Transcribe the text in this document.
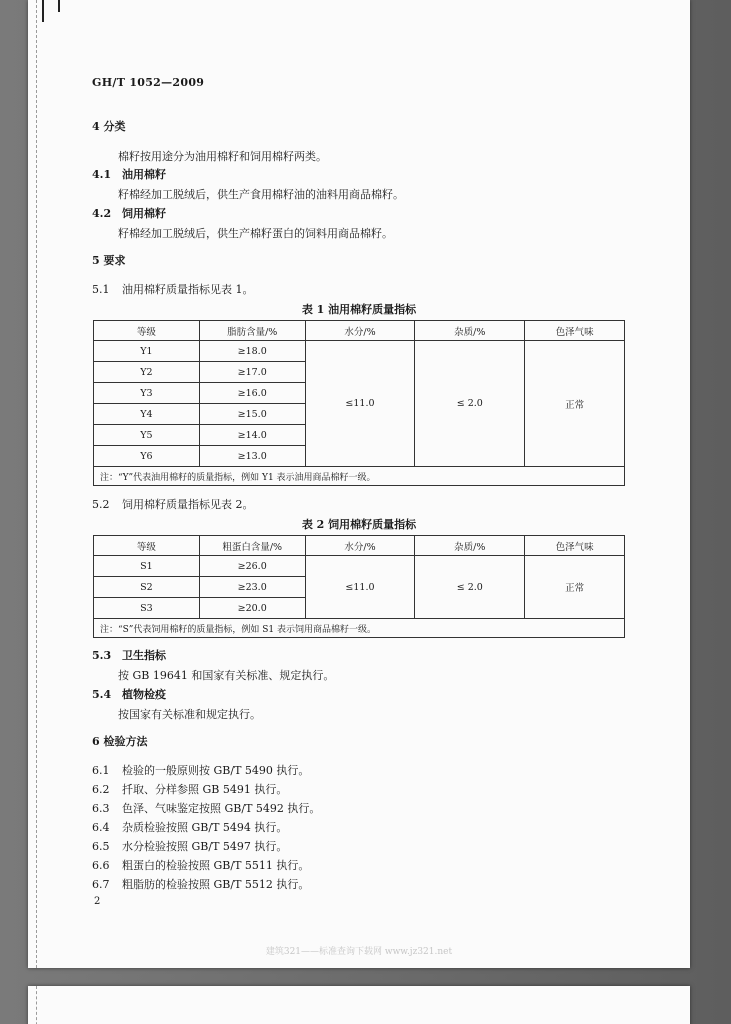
GH/T 1052—2009
4 分类
棉籽按用途分为油用棉籽和饲用棉籽两类。
4.1 油用棉籽
籽棉经加工脱绒后，供生产食用棉籽油的油料用商品棉籽。
4.2 饲用棉籽
籽棉经加工脱绒后，供生产棉籽蛋白的饲料用商品棉籽。
5 要求
5.1 油用棉籽质量指标见表 1。
表 1 油用棉籽质量指标
等级	脂肪含量/%	水分/%	杂质/%	色泽气味
Y1	≥18.0	≤11.0	≤ 2.0	正常
Y2	≥17.0			
Y3	≥16.0			
Y4	≥15.0			
Y5	≥14.0			
Y6	≥13.0			
注：“Y”代表油用棉籽的质量指标，例如 Y1 表示油用商品棉籽一级。				
5.2 饲用棉籽质量指标见表 2。
表 2 饲用棉籽质量指标
等级	粗蛋白含量/%	水分/%	杂质/%	色泽气味
S1	≥26.0	≤11.0	≤ 2.0	正常
S2	≥23.0			
S3	≥20.0			
注：“S”代表饲用棉籽的质量指标，例如 S1 表示饲用商品棉籽一级。				
5.3 卫生指标
按 GB 19641 和国家有关标准、规定执行。
5.4 植物检疫
按国家有关标准和规定执行。
6 检验方法
6.1 检验的一般原则按 GB/T 5490 执行。
6.2 扦取、分样参照 GB 5491 执行。
6.3 色泽、气味鉴定按照 GB/T 5492 执行。
6.4 杂质检验按照 GB/T 5494 执行。
6.5 水分检验按照 GB/T 5497 执行。
6.6 粗蛋白的检验按照 GB/T 5511 执行。
6.7 粗脂肪的检验按照 GB/T 5512 执行。
2
建筑321——标准查询下载网 www.jz321.net
